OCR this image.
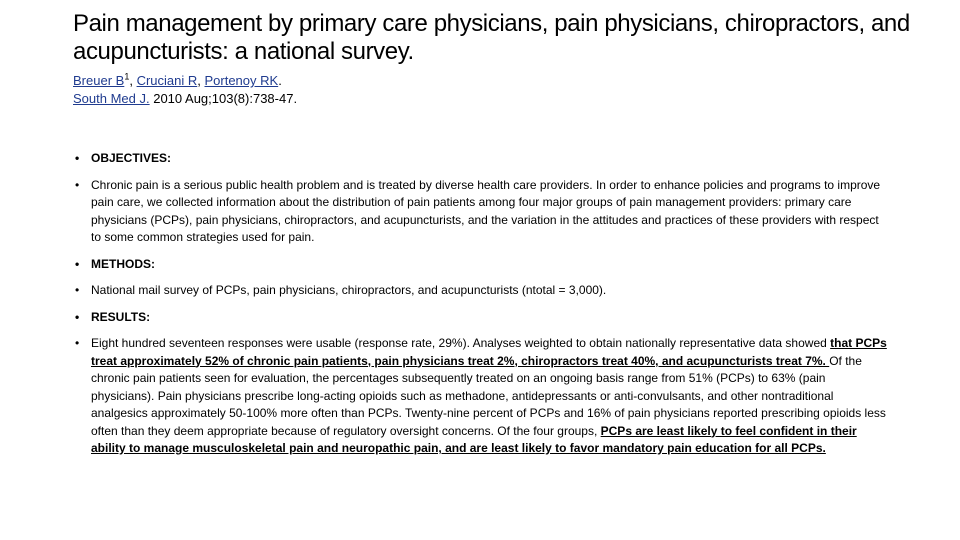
Pain management by primary care physicians, pain physicians, chiropractors, and acupuncturists: a national survey.
Breuer $B^1$, Cruciani R, Portenoy RK.
South Med J. 2010 Aug;103(8):738-47.
• OBJECTIVES:
• Chronic pain is a serious public health problem and is treated by diverse health care providers. In order to enhance policies and programs to improve pain care, we collected information about the distribution of pain patients among four major groups of pain management providers: primary care physicians (PCPs), pain physicians, chiropractors, and acupuncturists, and the variation in the attitudes and practices of these providers with respect to some common strategies used for pain.
• METHODS:
• National mail survey of PCPs, pain physicians, chiropractors, and acupuncturists (ntotal = 3,000).
• RESULTS:
• Eight hundred seventeen responses were usable (response rate, 29%). Analyses weighted to obtain nationally representative data showed that PCPs treat approximately 52% of chronic pain patients, pain physicians treat 2%, chiropractors treat 40%, and acupuncturists treat 7%. Of the chronic pain patients seen for evaluation, the percentages subsequently treated on an ongoing basis range from 51% (PCPs) to 63% (pain physicians). Pain physicians prescribe long-acting opioids such as methadone, antidepressants or anti-convulsants, and other nontraditional analgesics approximately 50-100% more often than PCPs. Twenty-nine percent of PCPs and 16% of pain physicians reported prescribing opioids less often than they deem appropriate because of regulatory oversight concerns. Of the four groups, PCPs are least likely to feel confident in their ability to manage musculoskeletal pain and neuropathic pain, and are least likely to favor mandatory pain education for all PCPs.
